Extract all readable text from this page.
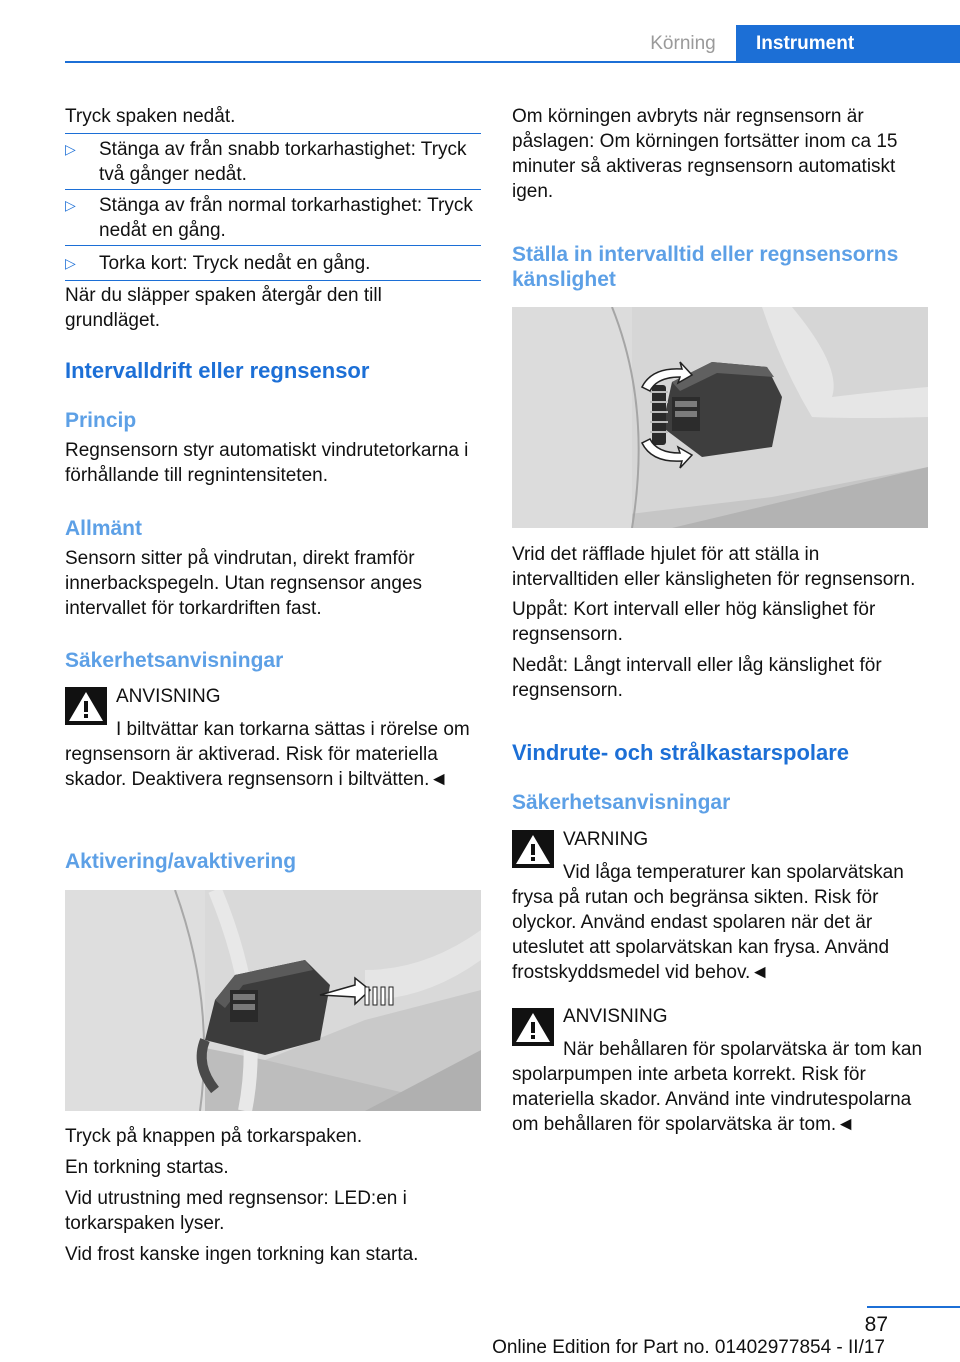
Körning	Instrument

Tryck spaken nedåt.

▷ Stänga av från snabb torkarhastighet: Tryck två gånger nedåt.

▷ Stänga av från normal torkarhastighet: Tryck nedåt en gång.

▷ Torka kort: Tryck nedåt en gång.

När du släpper spaken återgår den till grundläget.

Intervalldrift eller regnsensor

Princip

Regnsensorn styr automatiskt vindrutetorkarna i förhållande till regnintensiteten.

Allmänt

Sensorn sitter på vindrutan, direkt framför innerbackspegeln. Utan regnsensor anges intervallet för torkardriften fast.

Säkerhetsanvisningar

ANVISNING

I biltvättar kan torkarna sättas i rörelse om regnsensorn är aktiverad. Risk för materiella skador. Deaktivera regnsensorn i biltvätten.◄

Aktivering/avaktivering

Tryck på knappen på torkarspaken.

En torkning startas.

Vid utrustning med regnsensor: LED:en i torkarspaken lyser.

Vid frost kanske ingen torkning kan starta.

Om körningen avbryts när regnsensorn är påslagen: Om körningen fortsätter inom ca 15 minuter så aktiveras regnsensorn automatiskt igen.

Ställa in intervalltid eller regnsensorns känslighet

Vrid det räfflade hjulet för att ställa in intervalltiden eller känsligheten för regnsensorn.

Uppåt: Kort intervall eller hög känslighet för regnsensorn.

Nedåt: Långt intervall eller låg känslighet för regnsensorn.

Vindrute- och strålkastarspolare

Säkerhetsanvisningar

VARNING

Vid låga temperaturer kan spolarvätskan frysa på rutan och begränsa sikten. Risk för olyckor. Använd endast spolaren när det är uteslutet att spolarvätskan kan frysa. Använd frostskyddsmedel vid behov.◄

ANVISNING

När behållaren för spolarvätska är tom kan spolarpumpen inte arbeta korrekt. Risk för materiella skador. Använd inte vindrutespolarna om behållaren för spolarvätska är tom.◄

87
Online Edition for Part no. 01402977854 - II/17
